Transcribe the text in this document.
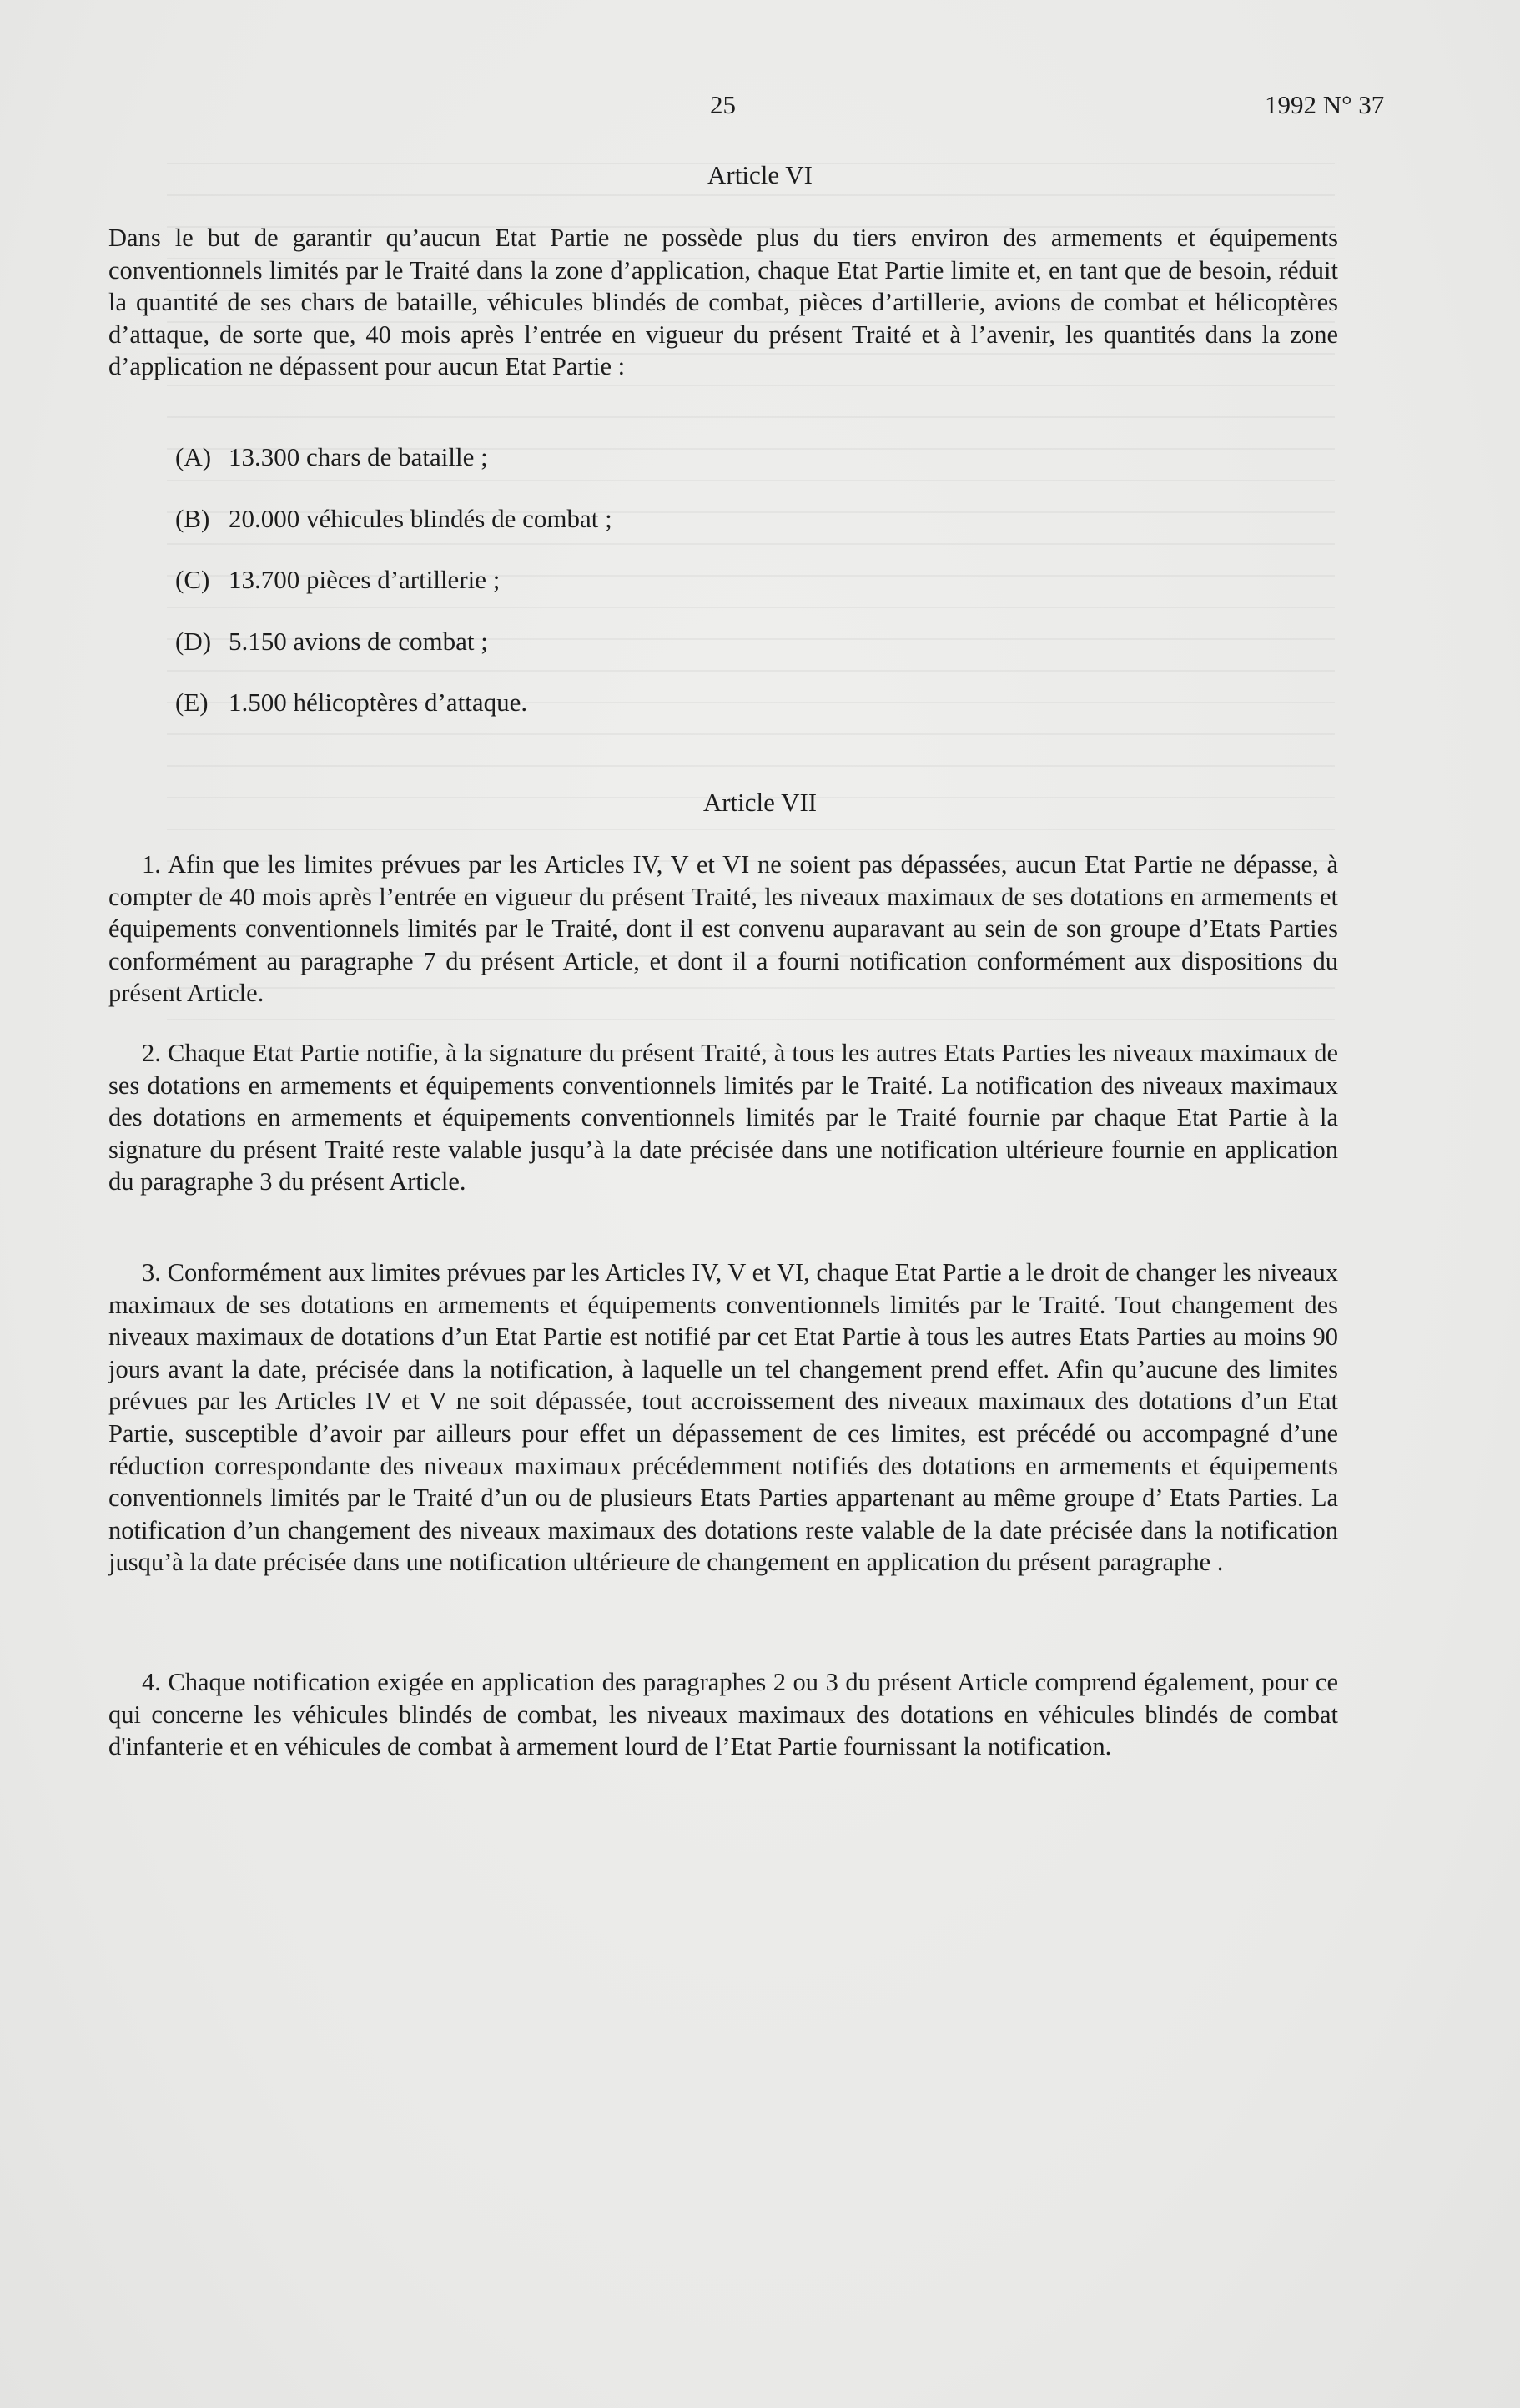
25	1992 N° 37
Article VI

Dans le but de garantir qu’aucun Etat Partie ne possède plus du tiers environ des armements et équipements conventionnels limités par le Traité dans la zone d’application, chaque Etat Partie limite et, en tant que de besoin, réduit la quantité de ses chars de bataille, véhicules blindés de combat, pièces d’artillerie, avions de combat et hélicoptères d’attaque, de sorte que, 40 mois après l’entrée en vigueur du présent Traité et à l’avenir, les quantités dans la zone d’application ne dépassent pour aucun Etat Partie :

(A) 13.300 chars de bataille ;
(B) 20.000 véhicules blindés de combat ;
(C) 13.700 pièces d’artillerie ;
(D) 5.150 avions de combat ;
(E) 1.500 hélicoptères d’attaque.
Article VII

1. Afin que les limites prévues par les Articles IV, V et VI ne soient pas dépassées, aucun Etat Partie ne dépasse, à compter de 40 mois après l’entrée en vigueur du présent Traité, les niveaux maximaux de ses dotations en armements et équipements conventionnels limités par le Traité, dont il est convenu auparavant au sein de son groupe d’Etats Parties conformément au paragraphe 7 du présent Article, et dont il a fourni notification conformément aux dispositions du présent Article.

2. Chaque Etat Partie notifie, à la signature du présent Traité, à tous les autres Etats Parties les niveaux maximaux de ses dotations en armements et équipements conventionnels limités par le Traité. La notification des niveaux maximaux des dotations en armements et équipements conventionnels limités par le Traité fournie par chaque Etat Partie à la signature du présent Traité reste valable jusqu’à la date précisée dans une notification ultérieure fournie en application du paragraphe 3 du présent Article.

3. Conformément aux limites prévues par les Articles IV, V et VI, chaque Etat Partie a le droit de changer les niveaux maximaux de ses dotations en armements et équipements conventionnels limités par le Traité. Tout changement des niveaux maximaux de dotations d’un Etat Partie est notifié par cet Etat Partie à tous les autres Etats Parties au moins 90 jours avant la date, précisée dans la notification, à laquelle un tel changement prend effet. Afin qu’aucune des limites prévues par les Articles IV et V ne soit dépassée, tout accroissement des niveaux maximaux des dotations d’un Etat Partie, susceptible d’avoir par ailleurs pour effet un dépassement de ces limites, est précédé ou accompagné d’une réduction correspondante des niveaux maximaux précédemment notifiés des dotations en armements et équipements conventionnels limités par le Traité d’un ou de plusieurs Etats Parties appartenant au même groupe d’ Etats Parties. La notification d’un changement des niveaux maximaux des dotations reste valable de la date précisée dans la notification jusqu’à la date précisée dans une notification ultérieure de changement en application du présent paragraphe .

4. Chaque notification exigée en application des paragraphes 2 ou 3 du présent Article comprend également, pour ce qui concerne les véhicules blindés de combat, les niveaux maximaux des dotations en véhicules blindés de combat d'infanterie et en véhicules de combat à armement lourd de l’Etat Partie fournissant la notification.
